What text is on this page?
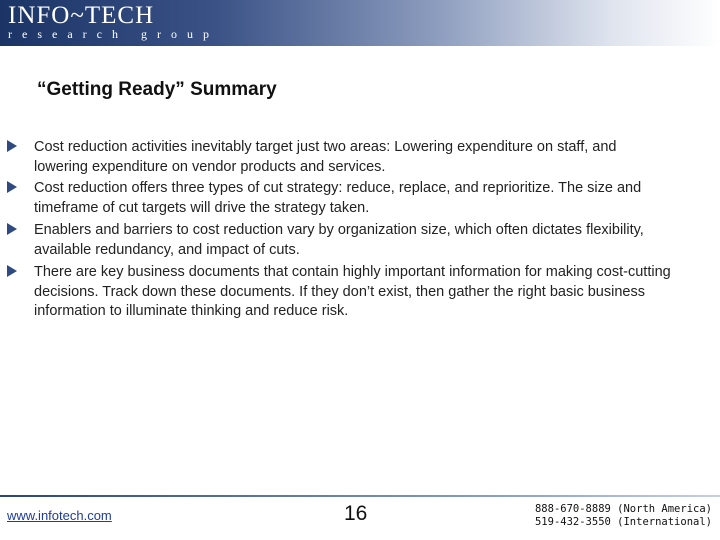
INFO~TECH
research group
“Getting Ready” Summary
Cost reduction activities inevitably target just two areas: Lowering expenditure on staff, and lowering expenditure on vendor products and services.
Cost reduction offers three types of cut strategy: reduce, replace, and reprioritize. The size and timeframe of cut targets will drive the strategy taken.
Enablers and barriers to cost reduction vary by organization size, which often dictates flexibility, available redundancy, and impact of cuts.
There are key business documents that contain highly important information for making cost-cutting decisions. Track down these documents. If they don’t exist, then gather the right basic business information to illuminate thinking and reduce risk.
www.infotech.com	16	888-670-8889 (North America)
519-432-3550 (International)
